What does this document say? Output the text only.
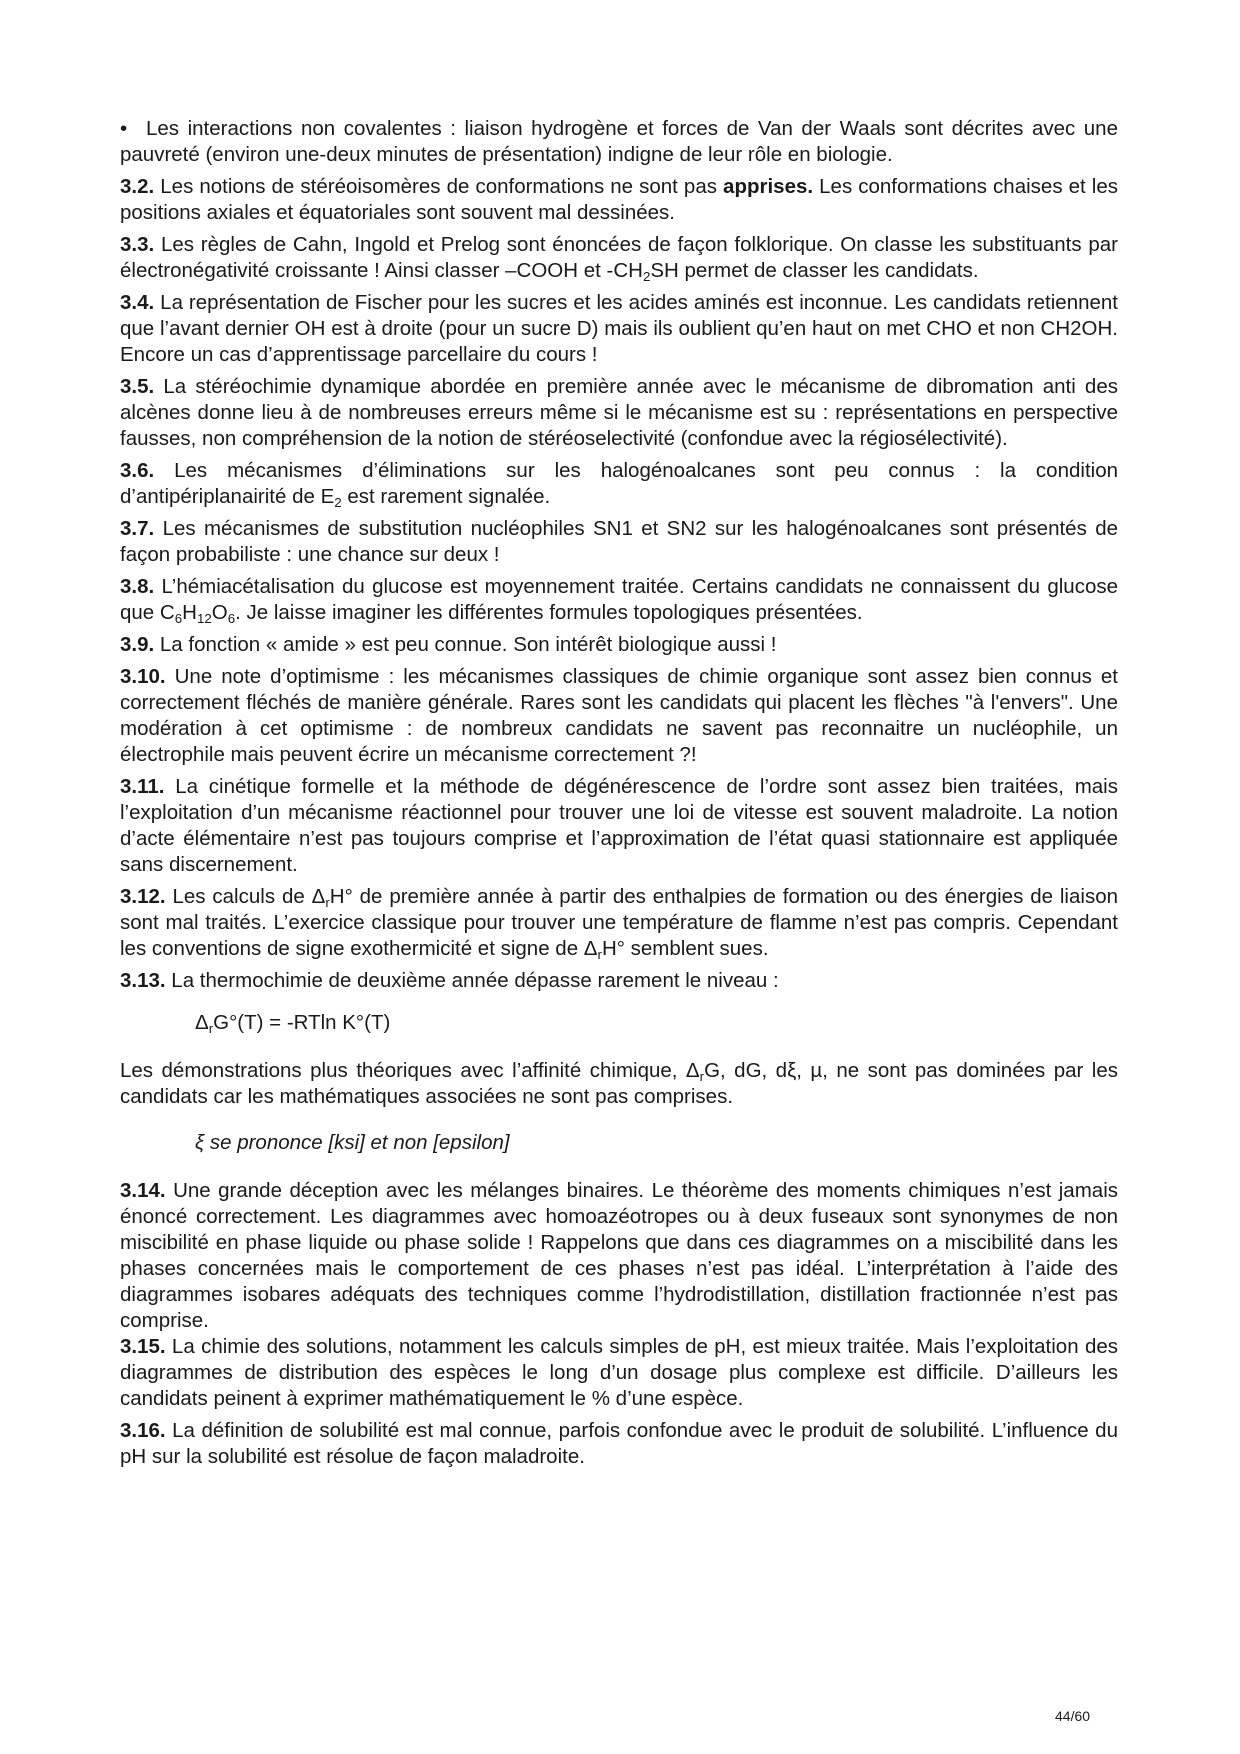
• Les interactions non covalentes : liaison hydrogène et forces de Van der Waals sont décrites avec une pauvreté (environ une-deux minutes de présentation) indigne de leur rôle en biologie.

3.2. Les notions de stéréoisomères de conformations ne sont pas apprises. Les conformations chaises et les positions axiales et équatoriales sont souvent mal dessinées.

3.3. Les règles de Cahn, Ingold et Prelog sont énoncées de façon folklorique. On classe les substituants par électronégativité croissante ! Ainsi classer –COOH et $-CH_2SH$ permet de classer les candidats.

3.4. La représentation de Fischer pour les sucres et les acides aminés est inconnue. Les candidats retiennent que l’avant dernier OH est à droite (pour un sucre D) mais ils oublient qu’en haut on met CHO et non CH2OH. Encore un cas d’apprentissage parcellaire du cours !

3.5. La stéréochimie dynamique abordée en première année avec le mécanisme de dibromation anti des alcènes donne lieu à de nombreuses erreurs même si le mécanisme est su : représentations en perspective fausses, non compréhension de la notion de stéréoselectivité (confondue avec la régiosélectivité).

3.6. Les mécanismes d’éliminations sur les halogénoalcanes sont peu connus : la condition d’antipériplanairité de $E_2$ est rarement signalée.

3.7. Les mécanismes de substitution nucléophiles SN1 et SN2 sur les halogénoalcanes sont présentés de façon probabiliste : une chance sur deux !

3.8. L’hémiacétalisation du glucose est moyennement traitée. Certains candidats ne connaissent du glucose que $C_6H_{12}O_6$. Je laisse imaginer les différentes formules topologiques présentées.

3.9. La fonction « amide » est peu connue. Son intérêt biologique aussi !

3.10. Une note d’optimisme : les mécanismes classiques de chimie organique sont assez bien connus et correctement fléchés de manière générale. Rares sont les candidats qui placent les flèches "à l'envers". Une modération à cet optimisme : de nombreux candidats ne savent pas reconnaitre un nucléophile, un électrophile mais peuvent écrire un mécanisme correctement ?!

3.11. La cinétique formelle et la méthode de dégénérescence de l’ordre sont assez bien traitées, mais l’exploitation d’un mécanisme réactionnel pour trouver une loi de vitesse est souvent maladroite. La notion d’acte élémentaire n’est pas toujours comprise et l’approximation de l’état quasi stationnaire est appliquée sans discernement.

3.12. Les calculs de $\Delta_rH^\circ$ de première année à partir des enthalpies de formation ou des énergies de liaison sont mal traités. L’exercice classique pour trouver une température de flamme n’est pas compris. Cependant les conventions de signe exothermicité et signe de $\Delta_rH^\circ$ semblent sues.

3.13. La thermochimie de deuxième année dépasse rarement le niveau :

$\Delta_rG^\circ(T) = -RTln$ K°(T)

Les démonstrations plus théoriques avec l’affinité chimique, $\Delta_rG$, dG, dξ, µ, ne sont pas dominées par les candidats car les mathématiques associées ne sont pas comprises.

ξ se prononce [ksi] et non [epsilon]

3.14. Une grande déception avec les mélanges binaires. Le théorème des moments chimiques n’est jamais énoncé correctement. Les diagrammes avec homoazéotropes ou à deux fuseaux sont synonymes de non miscibilité en phase liquide ou phase solide ! Rappelons que dans ces diagrammes on a miscibilité dans les phases concernées mais le comportement de ces phases n’est pas idéal. L’interprétation à l’aide des diagrammes isobares adéquats des techniques comme l’hydrodistillation, distillation fractionnée n’est pas comprise.

3.15. La chimie des solutions, notamment les calculs simples de pH, est mieux traitée. Mais l’exploitation des diagrammes de distribution des espèces le long d’un dosage plus complexe est difficile. D’ailleurs les candidats peinent à exprimer mathématiquement le % d’une espèce.

3.16. La définition de solubilité est mal connue, parfois confondue avec le produit de solubilité. L’influence du pH sur la solubilité est résolue de façon maladroite.

44/60
